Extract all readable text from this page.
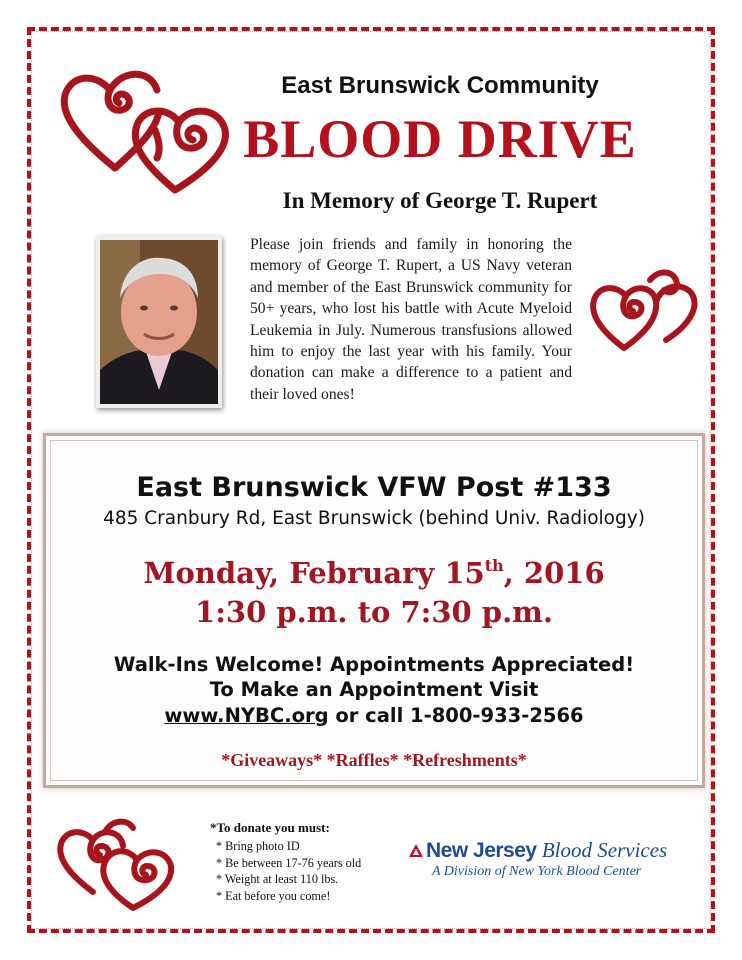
East Brunswick Community
BLOOD DRIVE
In Memory of George T. Rupert
Please join friends and family in honoring the memory of George T. Rupert, a US Navy veteran and member of the East Brunswick community for 50+ years, who lost his battle with Acute Myeloid Leukemia in July. Numerous transfusions allowed him to enjoy the last year with his family. Your donation can make a difference to a patient and their loved ones!
East Brunswick VFW Post #133
485 Cranbury Rd, East Brunswick (behind Univ. Radiology)
Monday, February 15th, 2016
1:30 p.m. to 7:30 p.m.
Walk-Ins Welcome! Appointments Appreciated!
To Make an Appointment Visit
www.NYBC.org or call 1-800-933-2566
*Giveaways* *Raffles* *Refreshments*
*To donate you must:
* Bring photo ID
* Be between 17-76 years old
* Weight at least 110 lbs.
* Eat before you come!
New Jersey Blood Services
A Division of New York Blood Center
